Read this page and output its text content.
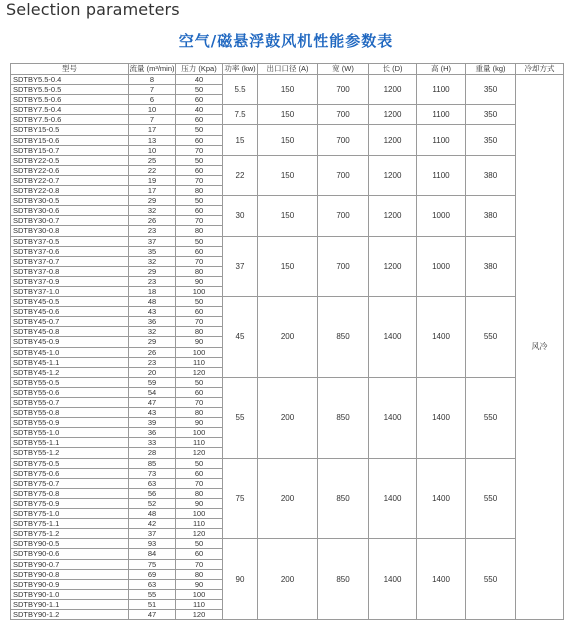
Selection parameters
空气/磁悬浮鼓风机性能参数表
型号	流量 (m³/min)	压力 (Kpa)	功率 (kw)	出口口径 (A)	宽 (W)	长 (D)	高 (H)	重量 (kg)	冷却方式
SDTBY5.5-0.4	8	40	5.5	150	700	1200	1100	350	风冷
SDTBY5.5-0.5	7	50							
SDTBY5.5-0.6	6	60							
SDTBY7.5-0.4	10	40	7.5	150	700	1200	1100	350	
SDTBY7.5-0.6	7	60							
SDTBY15-0.5	17	50	15	150	700	1200	1100	350	
SDTBY15-0.6	13	60							
SDTBY15-0.7	10	70							
SDTBY22-0.5	25	50	22	150	700	1200	1100	380	
SDTBY22-0.6	22	60							
SDTBY22-0.7	19	70							
SDTBY22-0.8	17	80							
SDTBY30-0.5	29	50	30	150	700	1200	1000	380	
SDTBY30-0.6	32	60							
SDTBY30-0.7	26	70							
SDTBY30-0.8	23	80							
SDTBY37-0.5	37	50	37	150	700	1200	1000	380	
SDTBY37-0.6	35	60							
SDTBY37-0.7	32	70							
SDTBY37-0.8	29	80							
SDTBY37-0.9	23	90							
SDTBY37-1.0	18	100							
SDTBY45-0.5	48	50	45	200	850	1400	1400	550	
SDTBY45-0.6	43	60							
SDTBY45-0.7	36	70							
SDTBY45-0.8	32	80							
SDTBY45-0.9	29	90							
SDTBY45-1.0	26	100							
SDTBY45-1.1	23	110							
SDTBY45-1.2	20	120							
SDTBY55-0.5	59	50	55	200	850	1400	1400	550	
SDTBY55-0.6	54	60							
SDTBY55-0.7	47	70							
SDTBY55-0.8	43	80							
SDTBY55-0.9	39	90							
SDTBY55-1.0	36	100							
SDTBY55-1.1	33	110							
SDTBY55-1.2	28	120							
SDTBY75-0.5	85	50	75	200	850	1400	1400	550	
SDTBY75-0.6	73	60							
SDTBY75-0.7	63	70							
SDTBY75-0.8	56	80							
SDTBY75-0.9	52	90							
SDTBY75-1.0	48	100							
SDTBY75-1.1	42	110							
SDTBY75-1.2	37	120							
SDTBY90-0.5	93	50	90	200	850	1400	1400	550	
SDTBY90-0.6	84	60							
SDTBY90-0.7	75	70							
SDTBY90-0.8	69	80							
SDTBY90-0.9	63	90							
SDTBY90-1.0	55	100							
SDTBY90-1.1	51	110							
SDTBY90-1.2	47	120							
